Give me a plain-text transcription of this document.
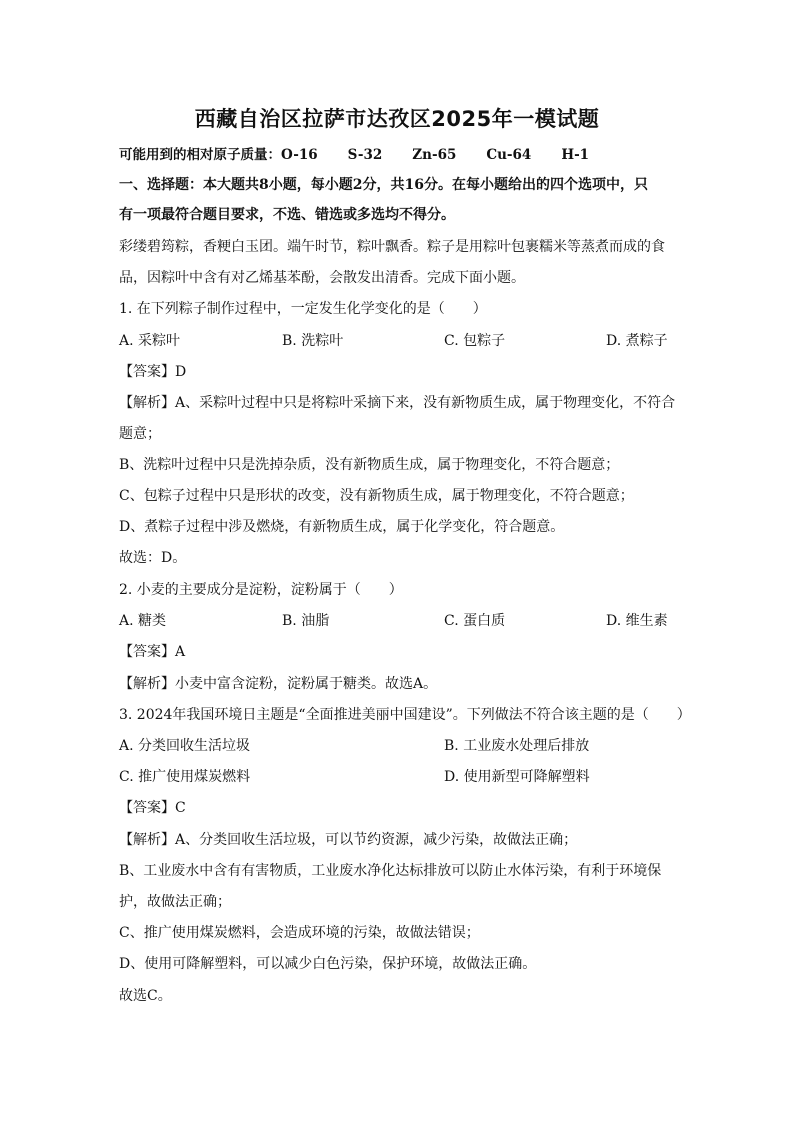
西藏自治区拉萨市达孜区2025年一模试题
可能用到的相对原子质量：O-16 S-32 Zn-65 Cu-64 H-1
一、选择题：本大题共8小题，每小题2分，共16分。在每小题给出的四个选项中，只
有一项最符合题目要求，不选、错选或多选均不得分。
彩缕碧筠粽，香粳白玉团。端午时节，粽叶飘香。粽子是用粽叶包裹糯米等蒸煮而成的食
品，因粽叶中含有对乙烯基苯酚，会散发出清香。完成下面小题。
1. 在下列粽子制作过程中，一定发生化学变化的是（　　）
A. 采粽叶	B. 洗粽叶	C. 包粽子	D. 煮粽子
【答案】D
【解析】A、采粽叶过程中只是将粽叶采摘下来，没有新物质生成，属于物理变化，不符合
题意；
B、洗粽叶过程中只是洗掉杂质，没有新物质生成，属于物理变化，不符合题意；
C、包粽子过程中只是形状的改变，没有新物质生成，属于物理变化，不符合题意；
D、煮粽子过程中涉及燃烧，有新物质生成，属于化学变化，符合题意。
故选：D。
2. 小麦的主要成分是淀粉，淀粉属于（　　）
A. 糖类	B. 油脂	C. 蛋白质	D. 维生素
【答案】A
【解析】小麦中富含淀粉，淀粉属于糖类。故选A。
3. 2024年我国环境日主题是“全面推进美丽中国建设”。下列做法不符合该主题的是（　　）
A. 分类回收生活垃圾	B. 工业废水处理后排放
C. 推广使用煤炭燃料	D. 使用新型可降解塑料
【答案】C
【解析】A、分类回收生活垃圾，可以节约资源，减少污染，故做法正确；
B、工业废水中含有有害物质，工业废水净化达标排放可以防止水体污染，有利于环境保
护，故做法正确；
C、推广使用煤炭燃料，会造成环境的污染，故做法错误；
D、使用可降解塑料，可以减少白色污染，保护环境，故做法正确。
故选C。
